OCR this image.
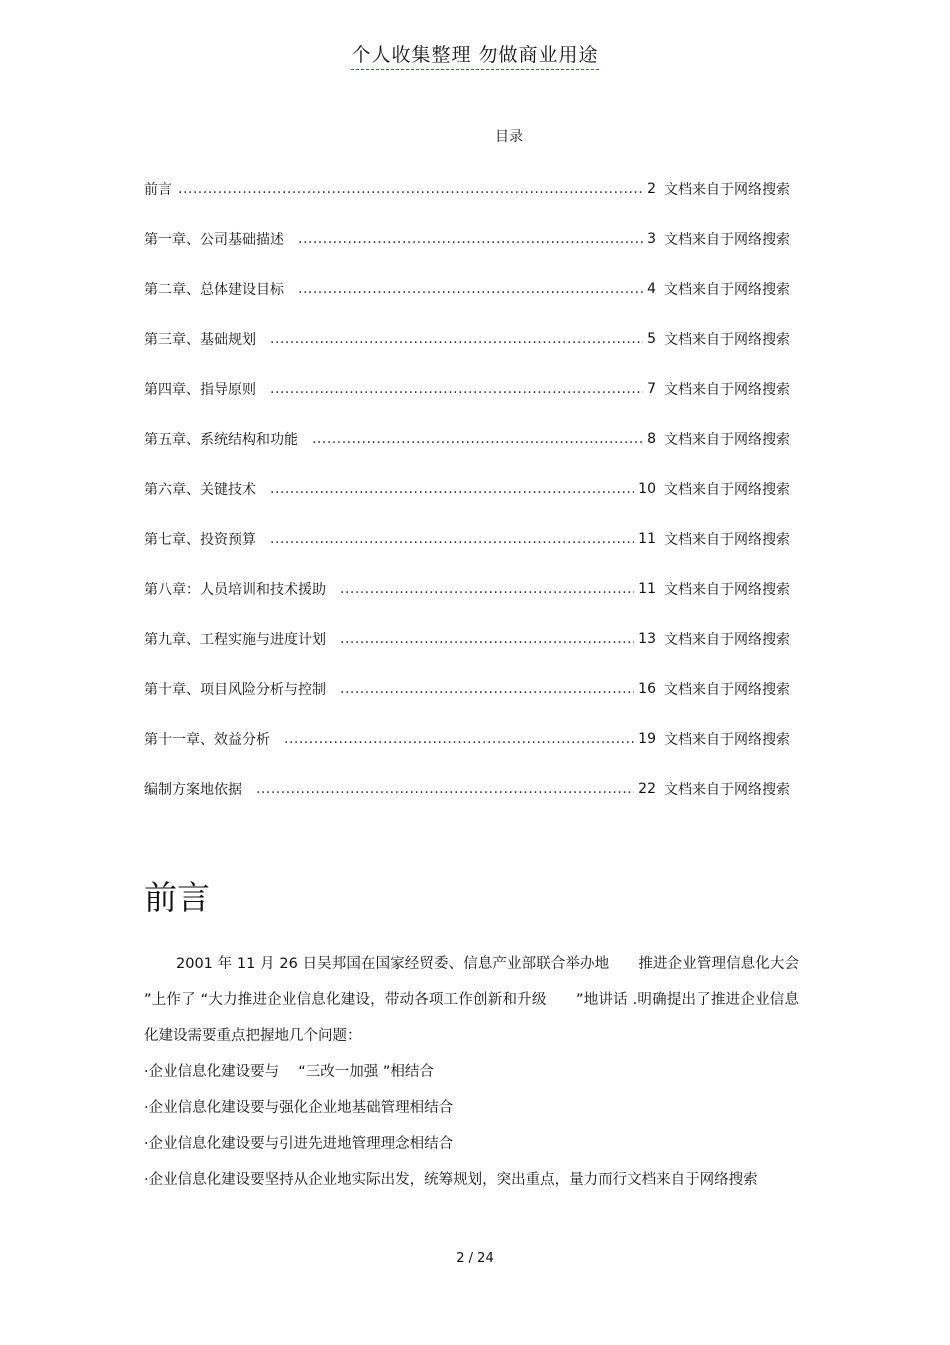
个人收集整理 勿做商业用途
目录
前言 .....	2 文档来自于网络搜索
第一章、公司基础描述 .....	3 文档来自于网络搜索
第二章、总体建设目标 .....	4 文档来自于网络搜索
第三章、基础规划 .....	5 文档来自于网络搜索
第四章、指导原则 .....	7 文档来自于网络搜索
第五章、系统结构和功能 .....	8 文档来自于网络搜索
第六章、关键技术 .....	10 文档来自于网络搜索
第七章、投资预算 .....	11 文档来自于网络搜索
第八章：人员培训和技术援助 .....	11 文档来自于网络搜索
第九章、工程实施与进度计划 .....	13 文档来自于网络搜索
第十章、项目风险分析与控制 .....	16 文档来自于网络搜索
第十一章、效益分析 .....	19 文档来自于网络搜索
编制方案地依据 .....	22 文档来自于网络搜索
前言

2001 年 11 月 26 日吴邦国在国家经贸委、信息产业部联合举办地　　推进企业管理信息化大会 ”上作了 “大力推进企业信息化建设，带动各项工作创新和升级　　”地讲话 .明确提出了推进企业信息化建设需要重点把握地几个问题：

·企业信息化建设要与　 “三改一加强 ”相结合

·企业信息化建设要与强化企业地基础管理相结合

·企业信息化建设要与引进先进地管理理念相结合

·企业信息化建设要坚持从企业地实际出发，统筹规划，突出重点，量力而行文档来自于网络搜索

2 / 24
